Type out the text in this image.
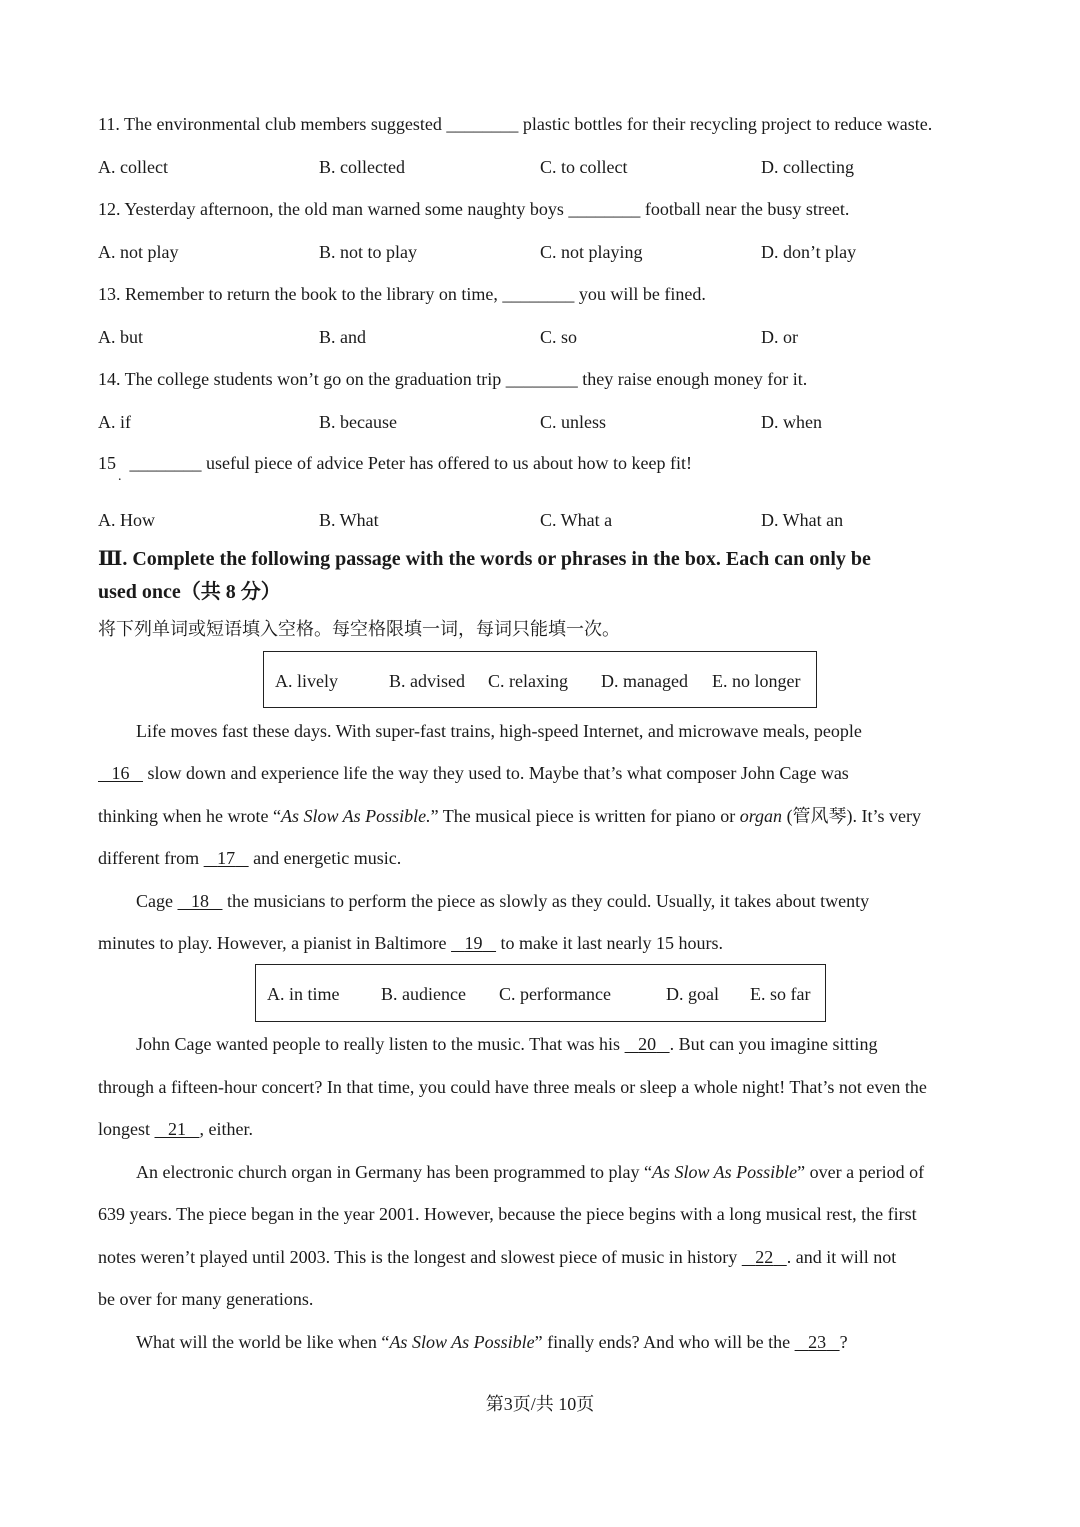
11. The environmental club members suggested ________ plastic bottles for their recycling project to reduce waste.
A. collect	B. collected	C. to collect	D. collecting
12. Yesterday afternoon, the old man warned some naughty boys ________ football near the busy street.
A. not play	B. not to play	C. not playing	D. don’t play
13. Remember to return the book to the library on time, ________ you will be fined.
A. but	B. and	C. so	D. or
14. The college students won’t go on the graduation trip ________ they raise enough money for it.
A. if	B. because	C. unless	D. when
15 ________ useful piece of advice Peter has offered to us about how to keep fit!
.
A. How	B. What	C. What a	D. What an
Ⅲ. Complete the following passage with the words or phrases in the box. Each can only be
used once（共 8 分）
将下列单词或短语填入空格。每空格限填一词，每词只能填一次。
A. lively	B. advised C. relaxing D. managed E. no longer
Life moves fast these days. With super-fast trains, high-speed Internet, and microwave meals, people
16    slow down and experience life the way they used to. Maybe that’s what composer John Cage was
thinking when he wrote “As Slow As Possible.” The musical piece is written for piano or organ (管风琴). It’s very
different from    17    and energetic music.
Cage    18    the musicians to perform the piece as slowly as they could. Usually, it takes about twenty
minutes to play. However, a pianist in Baltimore    19    to make it last nearly 15 hours.
A. in time B. audience C. performance	D. goal E. so far
John Cage wanted people to really listen to the music. That was his    20 . But can you imagine sitting
through a fifteen-hour concert? In that time, you could have three meals or sleep a whole night! That’s not even the
longest    21 , either.
An electronic church organ in Germany has been programmed to play “As Slow As Possible” over a period of
639 years. The piece began in the year 2001. However, because the piece begins with a long musical rest, the first
notes weren’t played until 2003. This is the longest and slowest piece of music in history    22 . and it will not
be over for many generations.
What will the world be like when “As Slow As Possible” finally ends? And who will be the    23 ?
第3页/共 10页
